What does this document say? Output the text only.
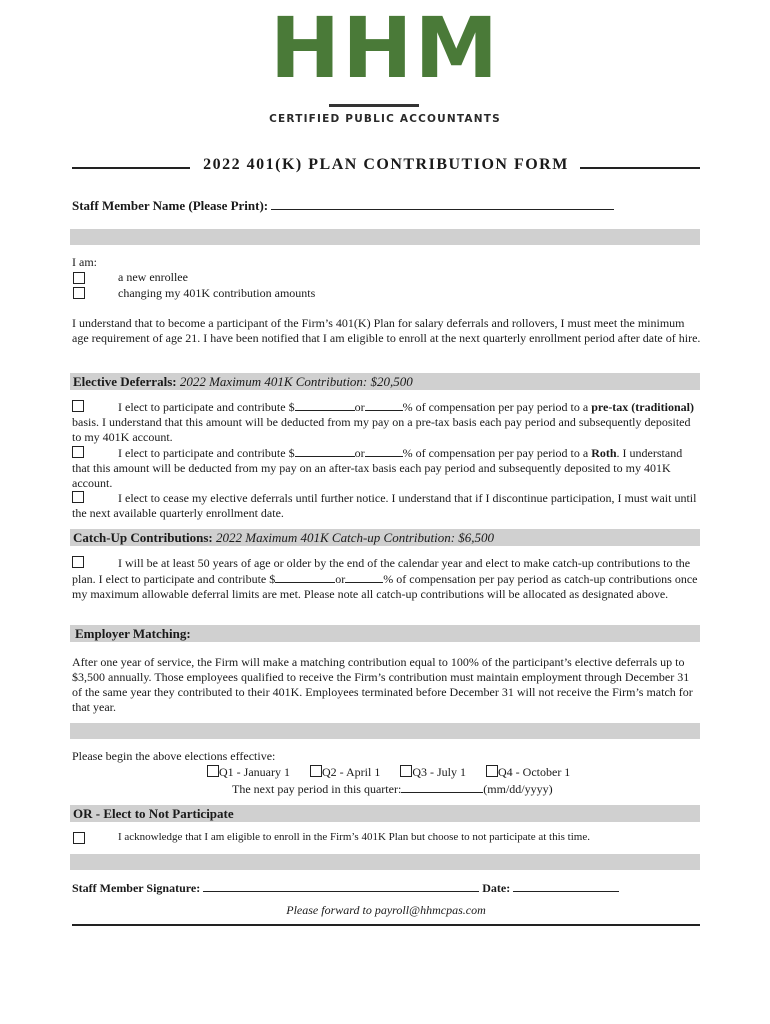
HHM
CERTIFIED PUBLIC ACCOUNTANTS
2022 401(K) PLAN CONTRIBUTION FORM
Staff Member Name (Please Print):
I am:
a new enrollee
changing my 401K contribution amounts
I understand that to become a participant of the Firm’s 401(K) Plan for salary deferrals and rollovers, I must meet the minimum age requirement of age 21. I have been notified that I am eligible to enroll at the next quarterly enrollment period after date of hire.
Elective Deferrals: 2022 Maximum 401K Contribution: $20,500
I elect to participate and contribute $	or	% of compensation per pay period to a pre-tax (traditional) basis. I understand that this amount will be deducted from my pay on a pre-tax basis each pay period and subsequently deposited to my 401K account.
I elect to participate and contribute $	or	% of compensation per pay period to a Roth. I understand that this amount will be deducted from my pay on an after-tax basis each pay period and subsequently deposited to my 401K account.
I elect to cease my elective deferrals until further notice. I understand that if I discontinue participation, I must wait until the next available quarterly enrollment date.
Catch-Up Contributions: 2022 Maximum 401K Catch-up Contribution: $6,500
I will be at least 50 years of age or older by the end of the calendar year and elect to make catch-up contributions to the plan. I elect to participate and contribute $	or	% of compensation per pay period as catch-up contributions once my maximum allowable deferral limits are met. Please note all catch-up contributions will be allocated as designated above.
Employer Matching:
After one year of service, the Firm will make a matching contribution equal to 100% of the participant’s elective deferrals up to $3,500 annually. Those employees qualified to receive the Firm’s contribution must maintain employment through December 31 of the same year they contributed to their 401K. Employees terminated before December 31 will not receive the Firm’s match for that year.
Please begin the above elections effective:
Q1 - January 1	Q2 - April 1	Q3 - July 1	Q4 - October 1
The next pay period in this quarter:	(mm/dd/yyyy)
OR - Elect to Not Participate
I acknowledge that I am eligible to enroll in the Firm’s 401K Plan but choose to not participate at this time.
Staff Member Signature:	Date:
Please forward to payroll@hhmcpas.com
